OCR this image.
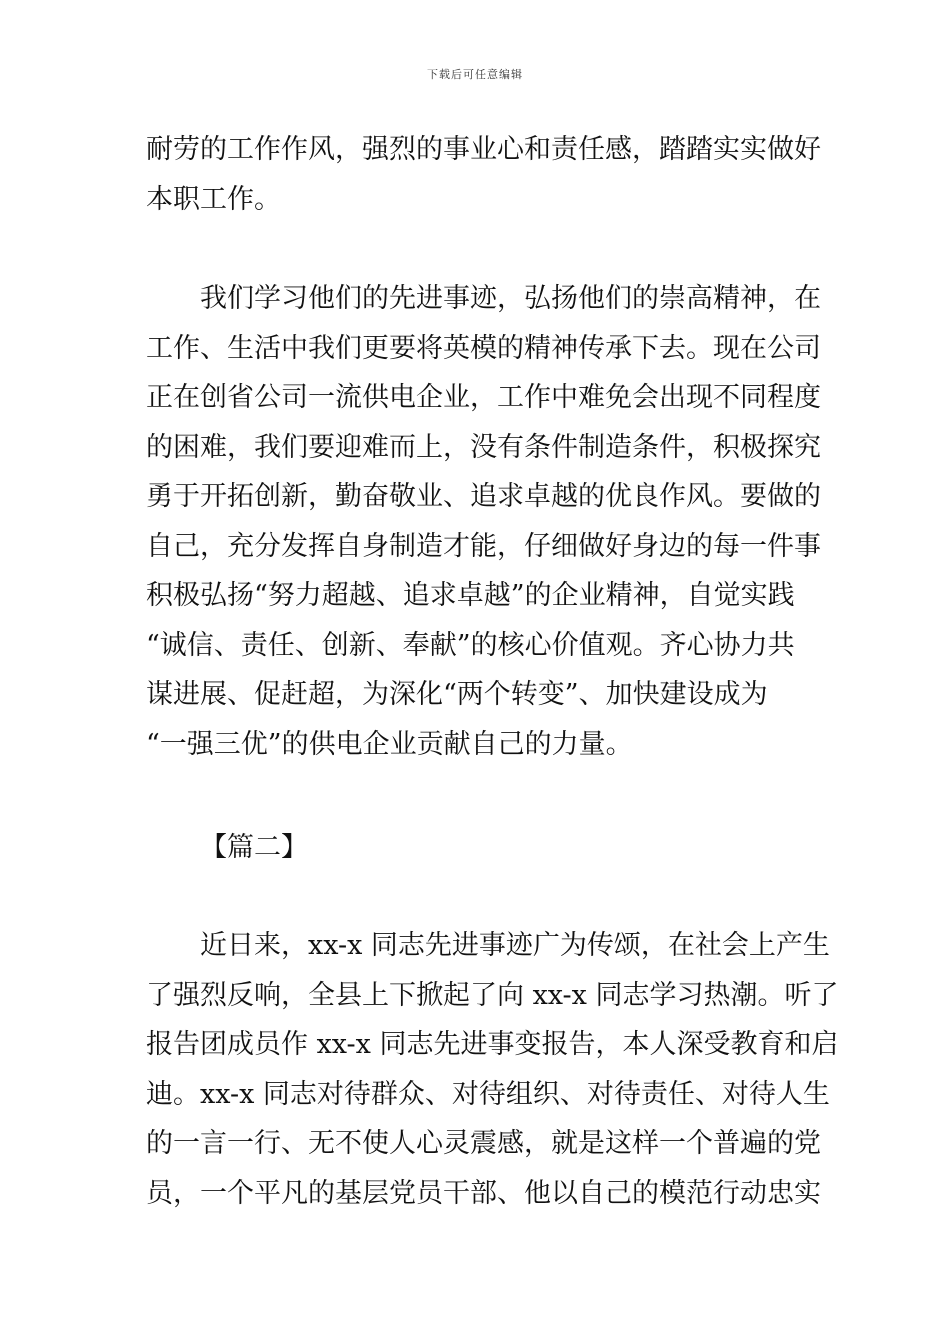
下载后可任意编辑
耐劳的工作作风，强烈的事业心和责任感，踏踏实实做好
本职工作。
我们学习他们的先进事迹，弘扬他们的崇高精神，在
工作、生活中我们更要将英模的精神传承下去。现在公司
正在创省公司一流供电企业，工作中难免会出现不同程度
的困难，我们要迎难而上，没有条件制造条件，积极探究
勇于开拓创新，勤奋敬业、追求卓越的优良作风。要做的
自己，充分发挥自身制造才能，仔细做好身边的每一件事
积极弘扬“努力超越、追求卓越”的企业精神，自觉实践
“诚信、责任、创新、奉献”的核心价值观。齐心协力共
谋进展、促赶超，为深化“两个转变”、加快建设成为
“一强三优”的供电企业贡献自己的力量。
【篇二】
近日来，xx-x 同志先进事迹广为传颂，在社会上产生
了强烈反响，全县上下掀起了向 xx-x 同志学习热潮。听了
报告团成员作 xx-x 同志先进事变报告，本人深受教育和启
迪。xx-x 同志对待群众、对待组织、对待责任、对待人生
的一言一行、无不使人心灵震感，就是这样一个普遍的党
员，一个平凡的基层党员干部、他以自己的模范行动忠实
